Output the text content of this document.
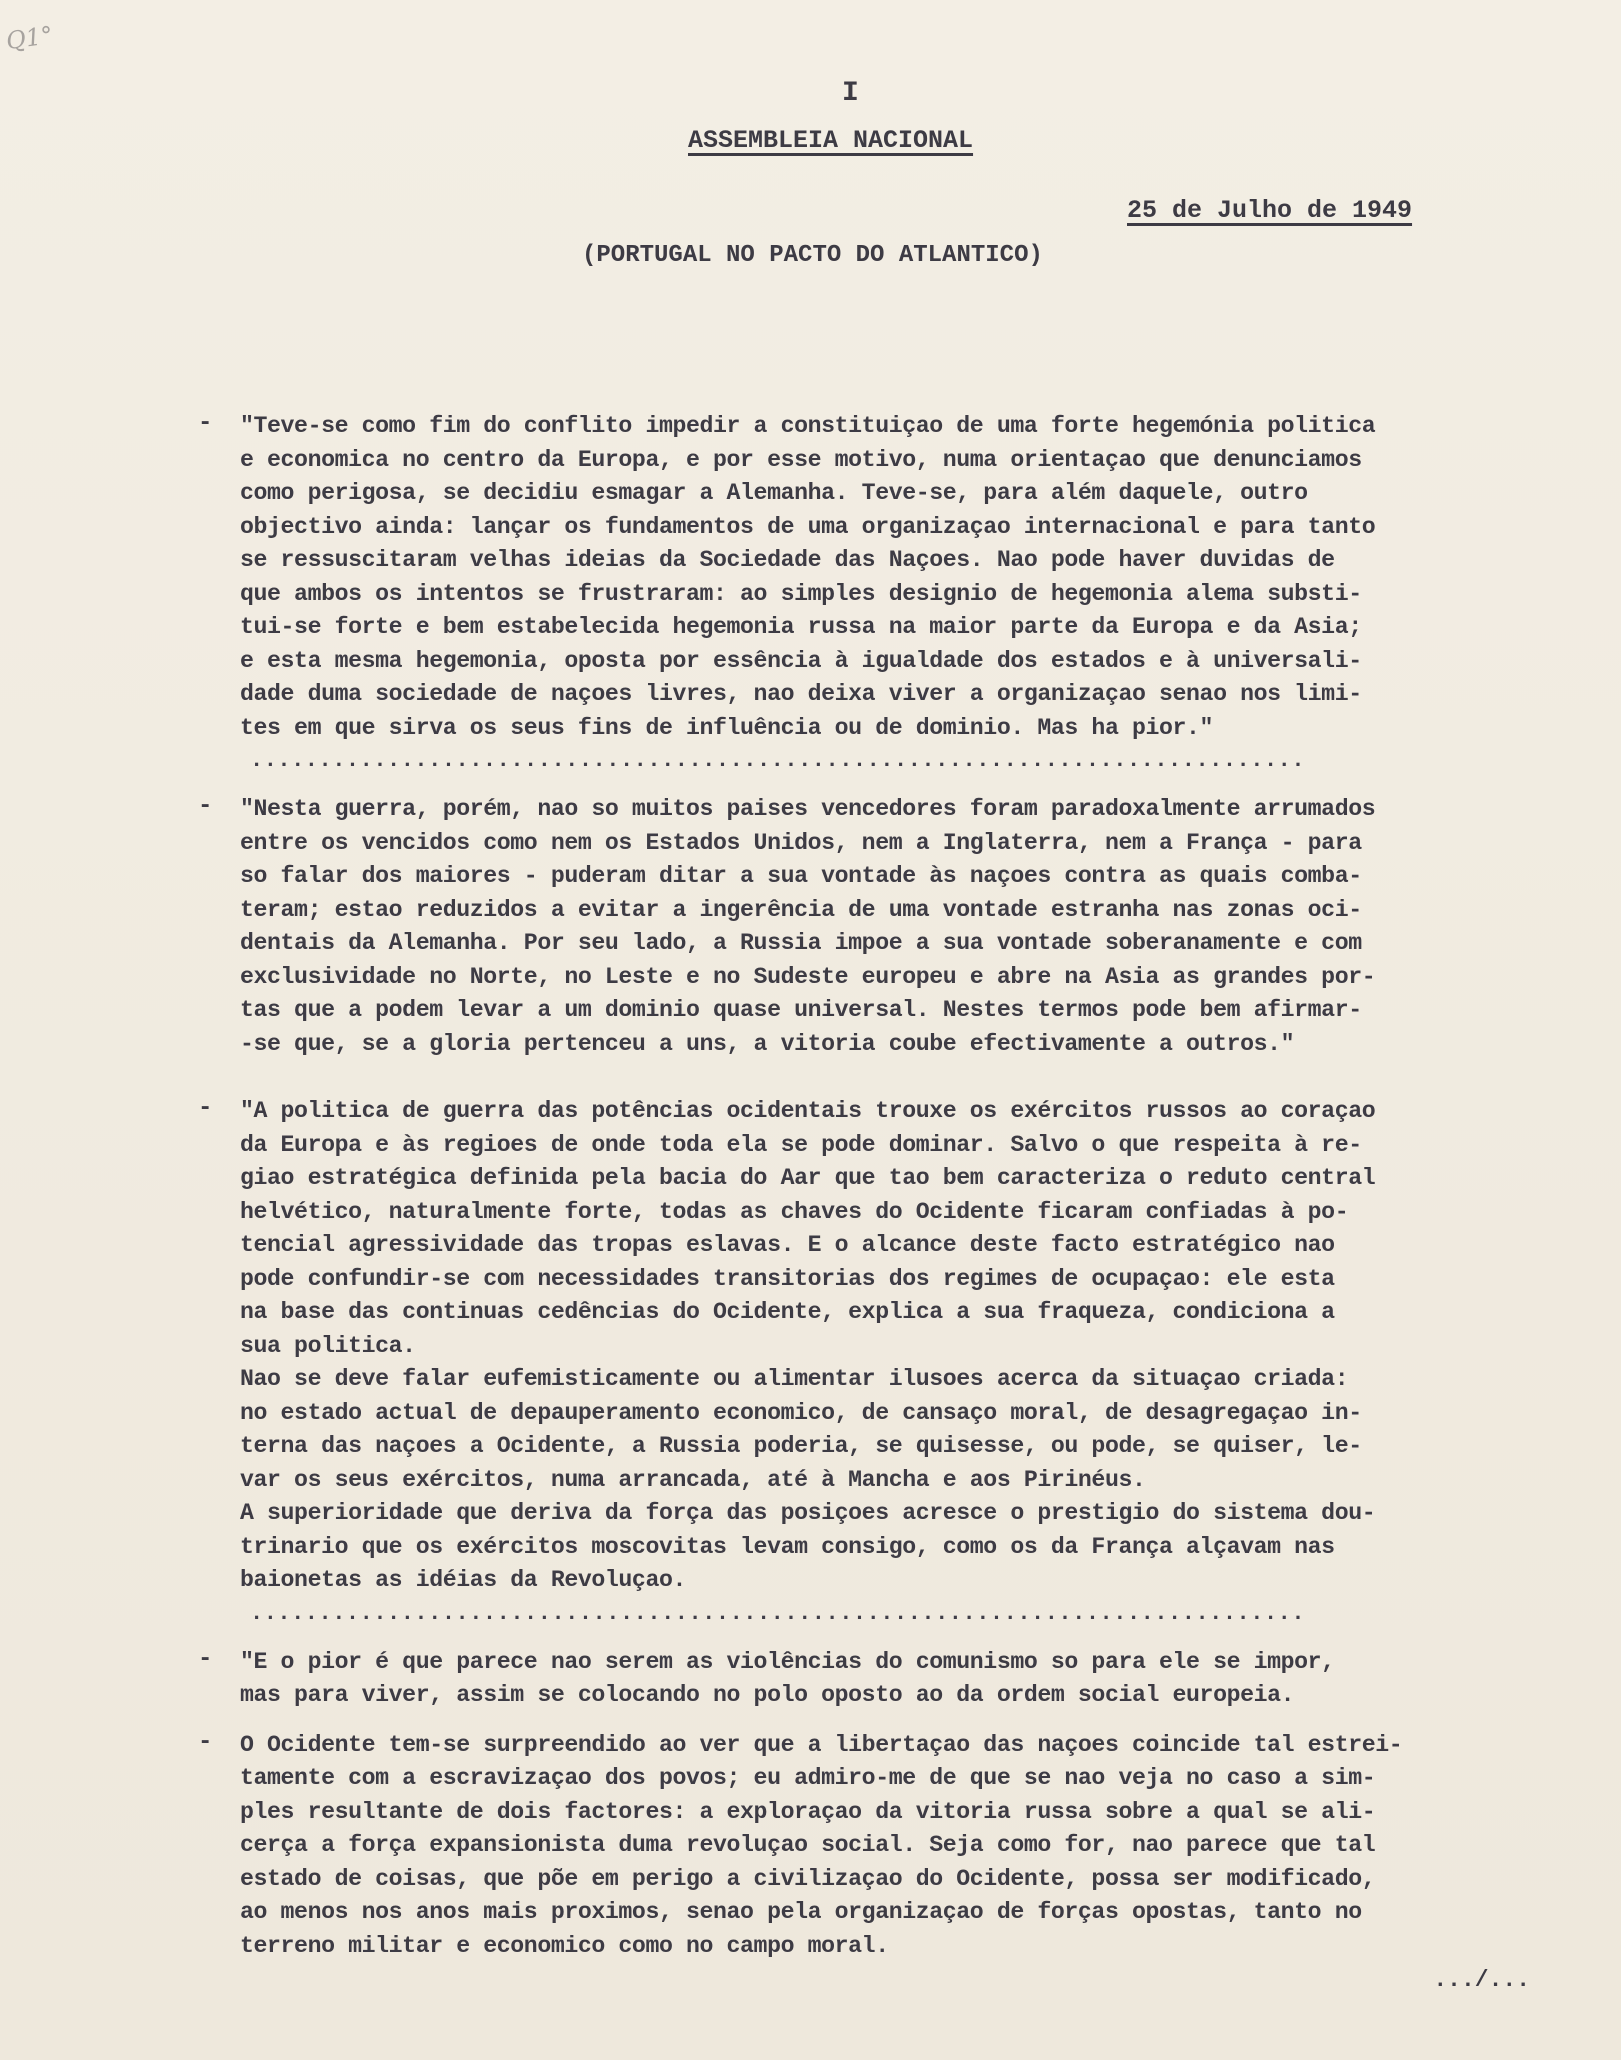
Q1°
I
ASSEMBLEIA NACIONAL
25 de Julho de 1949
(PORTUGAL NO PACTO DO ATLANTICO)
- "Teve-se como fim do conflito impedir a constituiçao de uma forte hegemónia politica
e economica no centro da Europa, e por esse motivo, numa orientaçao que denunciamos
como perigosa, se decidiu esmagar a Alemanha. Teve-se, para além daquele, outro
objectivo ainda: lançar os fundamentos de uma organizaçao internacional e para tanto
se ressuscitaram velhas ideias da Sociedade das Naçoes. Nao pode haver duvidas de
que ambos os intentos se frustraram: ao simples designio de hegemonia alema substi-
tui-se forte e bem estabelecida hegemonia russa na maior parte da Europa e da Asia;
e esta mesma hegemonia, oposta por essência à igualdade dos estados e à universali-
dade duma sociedade de naçoes livres, nao deixa viver a organizaçao senao nos limi-
tes em que sirva os seus fins de influência ou de dominio. Mas ha pior."
.............................................................................
- "Nesta guerra, porém, nao so muitos paises vencedores foram paradoxalmente arrumados
entre os vencidos como nem os Estados Unidos, nem a Inglaterra, nem a França - para
so falar dos maiores - puderam ditar a sua vontade às naçoes contra as quais comba-
teram; estao reduzidos a evitar a ingerência de uma vontade estranha nas zonas oci-
dentais da Alemanha. Por seu lado, a Russia impoe a sua vontade soberanamente e com
exclusividade no Norte, no Leste e no Sudeste europeu e abre na Asia as grandes por-
tas que a podem levar a um dominio quase universal. Nestes termos pode bem afirmar-
-se que, se a gloria pertenceu a uns, a vitoria coube efectivamente a outros."
- "A politica de guerra das potências ocidentais trouxe os exércitos russos ao coraçao
da Europa e às regioes de onde toda ela se pode dominar. Salvo o que respeita à re-
giao estratégica definida pela bacia do Aar que tao bem caracteriza o reduto central
helvético, naturalmente forte, todas as chaves do Ocidente ficaram confiadas à po-
tencial agressividade das tropas eslavas. E o alcance deste facto estratégico nao
pode confundir-se com necessidades transitorias dos regimes de ocupaçao: ele esta
na base das continuas cedências do Ocidente, explica a sua fraqueza, condiciona a
sua politica.
Nao se deve falar eufemisticamente ou alimentar ilusoes acerca da situaçao criada:
no estado actual de depauperamento economico, de cansaço moral, de desagregaçao in-
terna das naçoes a Ocidente, a Russia poderia, se quisesse, ou pode, se quiser, le-
var os seus exércitos, numa arrancada, até à Mancha e aos Pirinéus.
A superioridade que deriva da força das posiçoes acresce o prestigio do sistema dou-
trinario que os exércitos moscovitas levam consigo, como os da França alçavam nas
baionetas as idéias da Revoluçao.
.............................................................................
- "E o pior é que parece nao serem as violências do comunismo so para ele se impor,
mas para viver, assim se colocando no polo oposto ao da ordem social europeia.
- O Ocidente tem-se surpreendido ao ver que a libertaçao das naçoes coincide tal estrei-
tamente com a escravizaçao dos povos; eu admiro-me de que se nao veja no caso a sim-
ples resultante de dois factores: a exploraçao da vitoria russa sobre a qual se ali-
cerça a força expansionista duma revoluçao social. Seja como for, nao parece que tal
estado de coisas, que põe em perigo a civilizaçao do Ocidente, possa ser modificado,
ao menos nos anos mais proximos, senao pela organizaçao de forças opostas, tanto no
terreno militar e economico como no campo moral.
.../...
